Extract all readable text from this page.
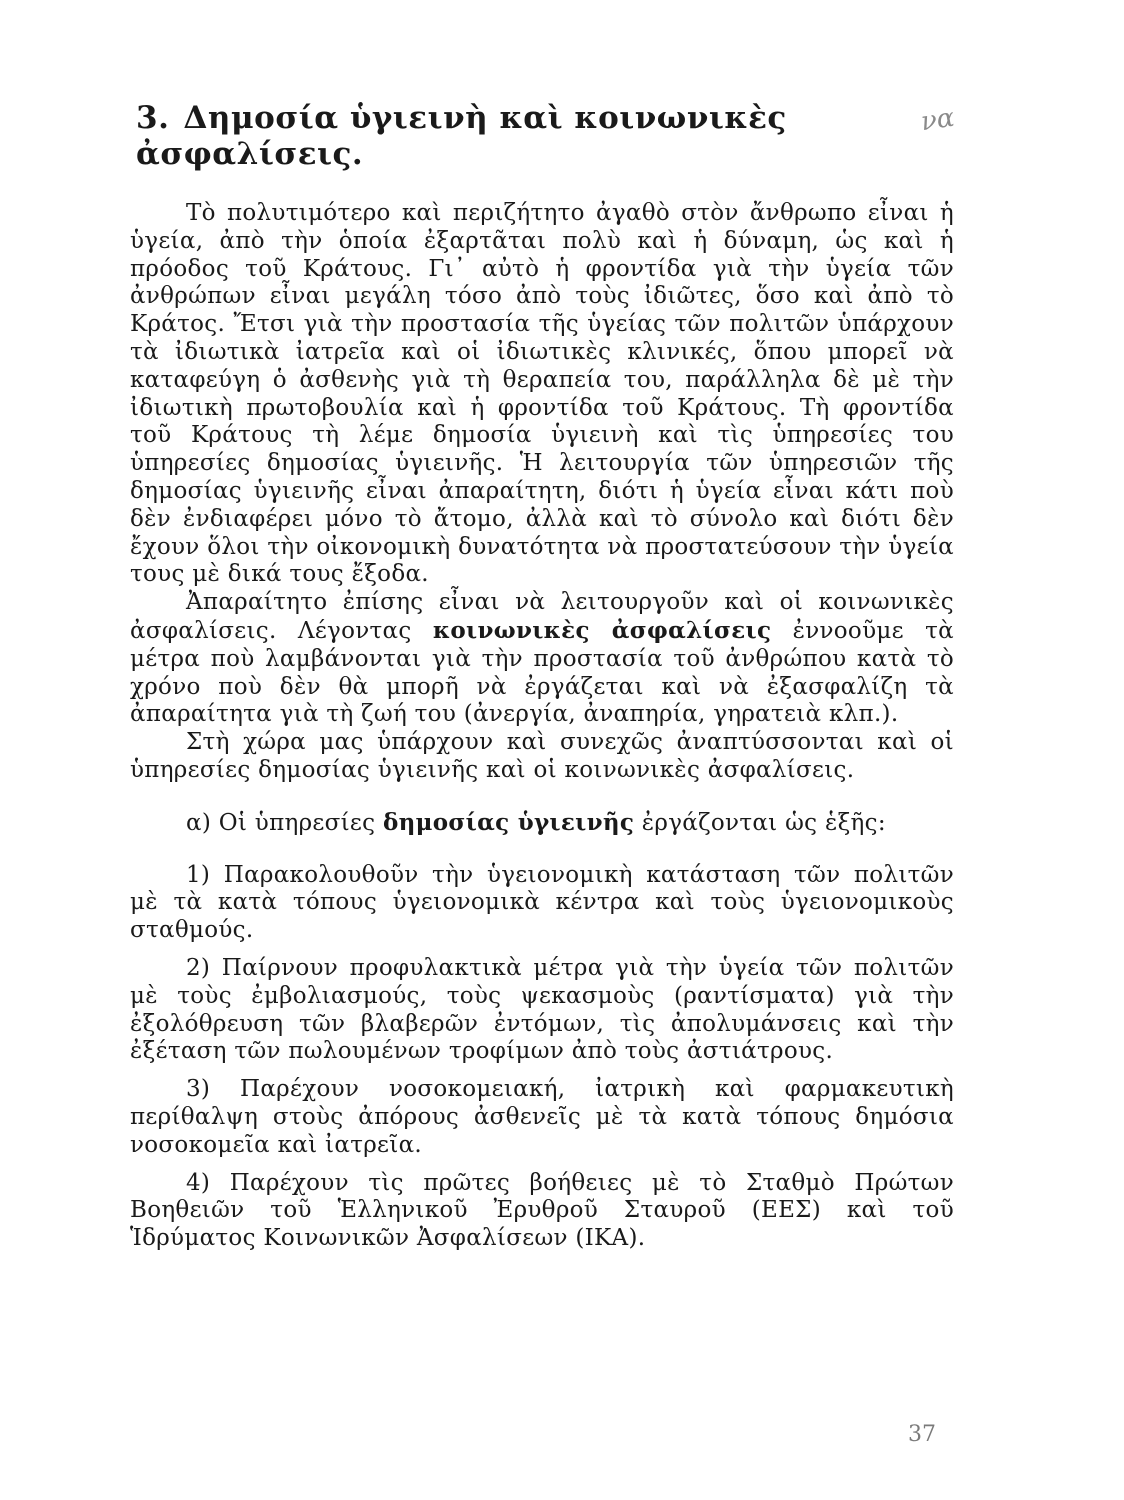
3. Δημοσία ὑγιεινὴ καὶ κοινωνικὲς ἀσφαλίσεις.
να

Τὸ πολυτιμότερο καὶ περιζήτητο ἀγαθὸ στὸν ἄνθρωπο εἶναι ἡ ὑγεία, ἀπὸ τὴν ὁποία ἐξαρτᾶται πολὺ καὶ ἡ δύναμη, ὡς καὶ ἡ πρόοδος τοῦ Κράτους. Γι᾽ αὐτὸ ἡ φροντίδα γιὰ τὴν ὑγεία τῶν ἀνθρώπων εἶναι μεγάλη τόσο ἀπὸ τοὺς ἰδιῶτες, ὅσο καὶ ἀπὸ τὸ Κράτος. Ἔτσι γιὰ τὴν προστασία τῆς ὑγείας τῶν πολιτῶν ὑπάρχουν τὰ ἰδιωτικὰ ἰατρεῖα καὶ οἱ ἰδιωτικὲς κλινικές, ὅπου μπορεῖ νὰ καταφεύγη ὁ ἀσθενὴς γιὰ τὴ θεραπεία του, παράλληλα δὲ μὲ τὴν ἰδιωτικὴ πρωτοβουλία καὶ ἡ φροντίδα τοῦ Κράτους. Τὴ φροντίδα τοῦ Κράτους τὴ λέμε δημοσία ὑγιεινὴ καὶ τὶς ὑπηρεσίες του ὑπηρεσίες δημοσίας ὑγιεινῆς. Ἡ λειτουργία τῶν ὑπηρεσιῶν τῆς δημοσίας ὑγιεινῆς εἶναι ἀπαραίτητη, διότι ἡ ὑγεία εἶναι κάτι ποὺ δὲν ἐνδιαφέρει μόνο τὸ ἄτομο, ἀλλὰ καὶ τὸ σύνολο καὶ διότι δὲν ἔχουν ὅλοι τὴν οἰκονομικὴ δυνατότητα νὰ προστατεύσουν τὴν ὑγεία τους μὲ δικά τους ἔξοδα.

Ἀπαραίτητο ἐπίσης εἶναι νὰ λειτουργοῦν καὶ οἱ κοινωνικὲς ἀσφαλίσεις. Λέγοντας κοινωνικὲς ἀσφαλίσεις ἐννοοῦμε τὰ μέτρα ποὺ λαμβάνονται γιὰ τὴν προστασία τοῦ ἀνθρώπου κατὰ τὸ χρόνο ποὺ δὲν θὰ μπορῆ νὰ ἐργάζεται καὶ νὰ ἐξασφαλίζη τὰ ἀπαραίτητα γιὰ τὴ ζωή του (ἀνεργία, ἀναπηρία, γηρατειὰ κλπ.).

Στὴ χώρα μας ὑπάρχουν καὶ συνεχῶς ἀναπτύσσονται καὶ οἱ ὑπηρεσίες δημοσίας ὑγιεινῆς καὶ οἱ κοινωνικὲς ἀσφαλίσεις.

α) Οἱ ὑπηρεσίες δημοσίας ὑγιεινῆς ἐργάζονται ὡς ἑξῆς:

1) Παρακολουθοῦν τὴν ὑγειονομικὴ κατάσταση τῶν πολιτῶν μὲ τὰ κατὰ τόπους ὑγειονομικὰ κέντρα καὶ τοὺς ὑγειονομικοὺς σταθμούς.

2) Παίρνουν προφυλακτικὰ μέτρα γιὰ τὴν ὑγεία τῶν πολιτῶν μὲ τοὺς ἐμβολιασμούς, τοὺς ψεκασμοὺς (ραντίσματα) γιὰ τὴν ἐξολόθρευση τῶν βλαβερῶν ἐντόμων, τὶς ἀπολυμάνσεις καὶ τὴν ἐξέταση τῶν πωλουμένων τροφίμων ἀπὸ τοὺς ἀστιάτρους.

3) Παρέχουν νοσοκομειακή, ἰατρικὴ καὶ φαρμακευτικὴ περίθαλψη στοὺς ἀπόρους ἀσθενεῖς μὲ τὰ κατὰ τόπους δημόσια νοσοκομεῖα καὶ ἰατρεῖα.

4) Παρέχουν τὶς πρῶτες βοήθειες μὲ τὸ Σταθμὸ Πρώτων Βοηθειῶν τοῦ Ἑλληνικοῦ Ἐρυθροῦ Σταυροῦ (ΕΕΣ) καὶ τοῦ Ἱδρύματος Κοινωνικῶν Ἀσφαλίσεων (ΙΚΑ).

37
